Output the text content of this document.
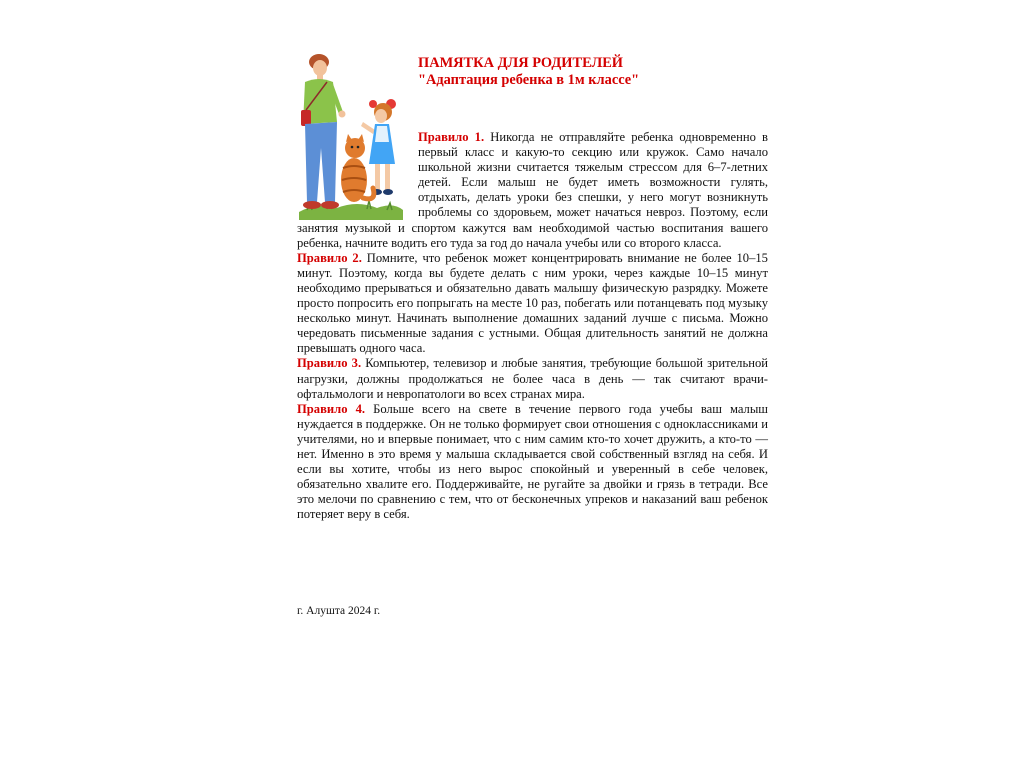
ПАМЯТКА ДЛЯ РОДИТЕЛЕЙ
"Адаптация ребенка в 1м классе"

Правило 1. Никогда не отправляйте ребенка одновременно в первый класс и какую-то секцию или кружок. Само начало школьной жизни считается тяжелым стрессом для 6–7-летних детей. Если малыш не будет иметь возможности гулять, отдыхать, делать уроки без спешки, у него могут возникнуть проблемы со здоровьем, может начаться невроз. Поэтому, если занятия музыкой и спортом кажутся вам необходимой частью воспитания вашего ребенка, начните водить его туда за год до начала учебы или со второго класса.

Правило 2. Помните, что ребенок может концентрировать внимание не более 10–15 минут. Поэтому, когда вы будете делать с ним уроки, через каждые 10–15 минут необходимо прерываться и обязательно давать малышу физическую разрядку. Можете просто попросить его попрыгать на месте 10 раз, побегать или потанцевать под музыку несколько минут. Начинать выполнение домашних заданий лучше с письма. Можно чередовать письменные задания с устными. Общая длительность занятий не должна превышать одного часа.

Правило 3. Компьютер, телевизор и любые занятия, требующие большой зрительной нагрузки, должны продолжаться не более часа в день — так считают врачи-офтальмологи и невропатологи во всех странах мира.

Правило 4. Больше всего на свете в течение первого года учебы ваш малыш нуждается в поддержке. Он не только формирует свои отношения с одноклассниками и учителями, но и впервые понимает, что с ним самим кто-то хочет дружить, а кто-то — нет. Именно в это время у малыша складывается свой собственный взгляд на себя. И если вы хотите, чтобы из него вырос спокойный и уверенный в себе человек, обязательно хвалите его. Поддерживайте, не ругайте за двойки и грязь в тетради. Все это мелочи по сравнению с тем, что от бесконечных упреков и наказаний ваш ребенок потеряет веру в себя.

г. Алушта 2024 г.
